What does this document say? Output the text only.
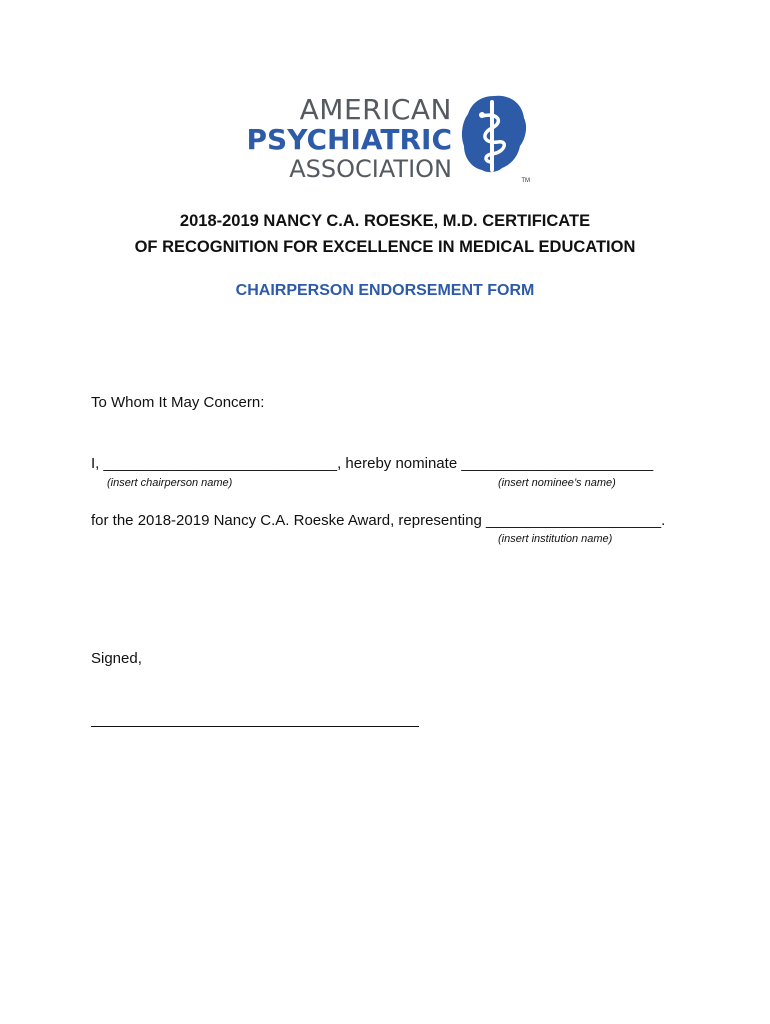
AMERICAN
PSYCHIATRIC
ASSOCIATION	TM
2018-2019 NANCY C.A. ROESKE, M.D. CERTIFICATE
OF RECOGNITION FOR EXCELLENCE IN MEDICAL EDUCATION
CHAIRPERSON ENDORSEMENT FORM
To Whom It May Concern:
I, ____________________________, hereby nominate _______________________
(insert chairperson name)	(insert nominee’s name)
for the 2018-2019 Nancy C.A. Roeske Award, representing _____________________.
(insert institution name)
Signed,
